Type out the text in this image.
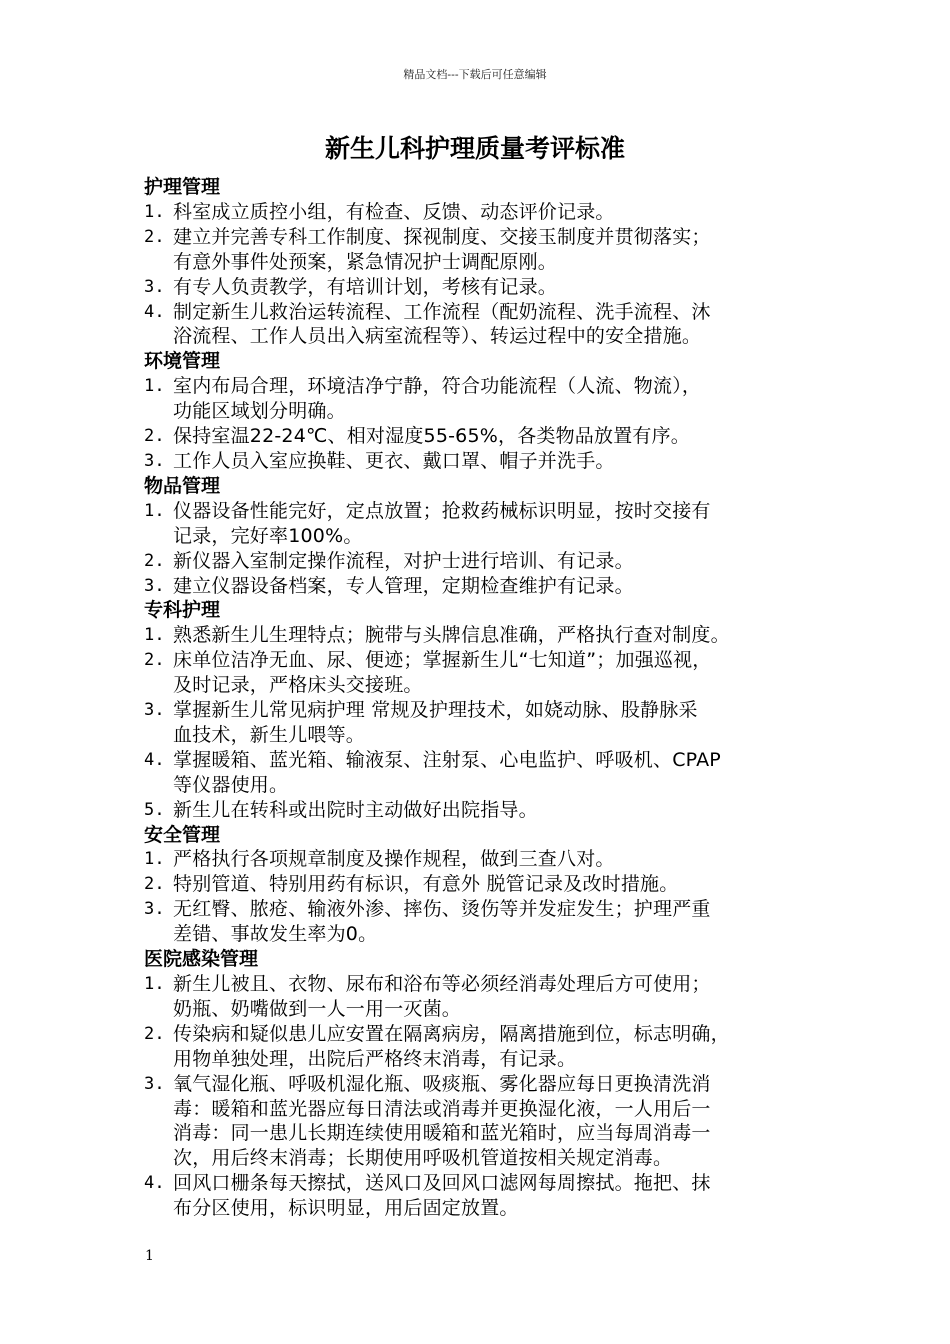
精品文档---下载后可任意编辑
新生儿科护理质量考评标准
护理管理
1. 科室成立质控小组，有检查、反馈、动态评价记录。
2. 建立并完善专科工作制度、探视制度、交接玉制度并贯彻落实；
有意外事件处预案，紧急情况护士调配原刚。
3. 有专人负责教学，有培训计划，考核有记录。
4. 制定新生儿救治运转流程、工作流程（配奶流程、洗手流程、沐
浴流程、工作人员出入病室流程等）、转运过程中的安全措施。
环境管理
1. 室内布局合理，环境洁净宁静，符合功能流程（人流、物流），
功能区域划分明确。
2. 保持室温22-24℃、相对湿度55-65%，各类物品放置有序。
3. 工作人员入室应换鞋、更衣、戴口罩、帽子并洗手。
物品管理
1. 仪器设备性能完好，定点放置；抢救药械标识明显，按时交接有
记录，完好率100%。
2. 新仪器入室制定操作流程，对护士进行培训、有记录。
3. 建立仪器设备档案，专人管理，定期检查维护有记录。
专科护理
1. 熟悉新生儿生理特点；腕带与头牌信息准确，严格执行查对制度。
2. 床单位洁净无血、尿、便迹；掌握新生儿“七知道”；加强巡视，
及时记录，严格床头交接班。
3. 掌握新生儿常见病护理 常规及护理技术，如娆动脉、股静脉采
血技术，新生儿喂等。
4. 掌握暖箱、蓝光箱、输液泵、注射泵、心电监护、呼吸机、CPAP
等仪器使用。
5. 新生儿在转科或出院时主动做好出院指导。
安全管理
1. 严格执行各项规章制度及操作规程，做到三查八对。
2. 特别管道、特别用药有标识，有意外 脱管记录及改时措施。
3. 无红臀、脓疮、输液外渗、摔伤、烫伤等并发症发生；护理严重
差错、事故发生率为0。
医院感染管理
1. 新生儿被且、衣物、尿布和浴布等必须经消毒处理后方可使用；
奶瓶、奶嘴做到一人一用一灭菌。
2. 传染病和疑似患儿应安置在隔离病房，隔离措施到位，标志明确，
用物单独处理，出院后严格终末消毒，有记录。
3. 氧气湿化瓶、呼吸机湿化瓶、吸痰瓶、雾化器应每日更换清洗消
毒：暖箱和蓝光器应每日清法或消毒并更换湿化液，一人用后一
消毒：同一患儿长期连续使用暖箱和蓝光箱时，应当每周消毒一
次，用后终末消毒；长期使用呼吸机管道按相关规定消毒。
4. 回风口栅条每天擦拭，送风口及回风口滤网每周擦拭。拖把、抹
布分区使用，标识明显，用后固定放置。
1
